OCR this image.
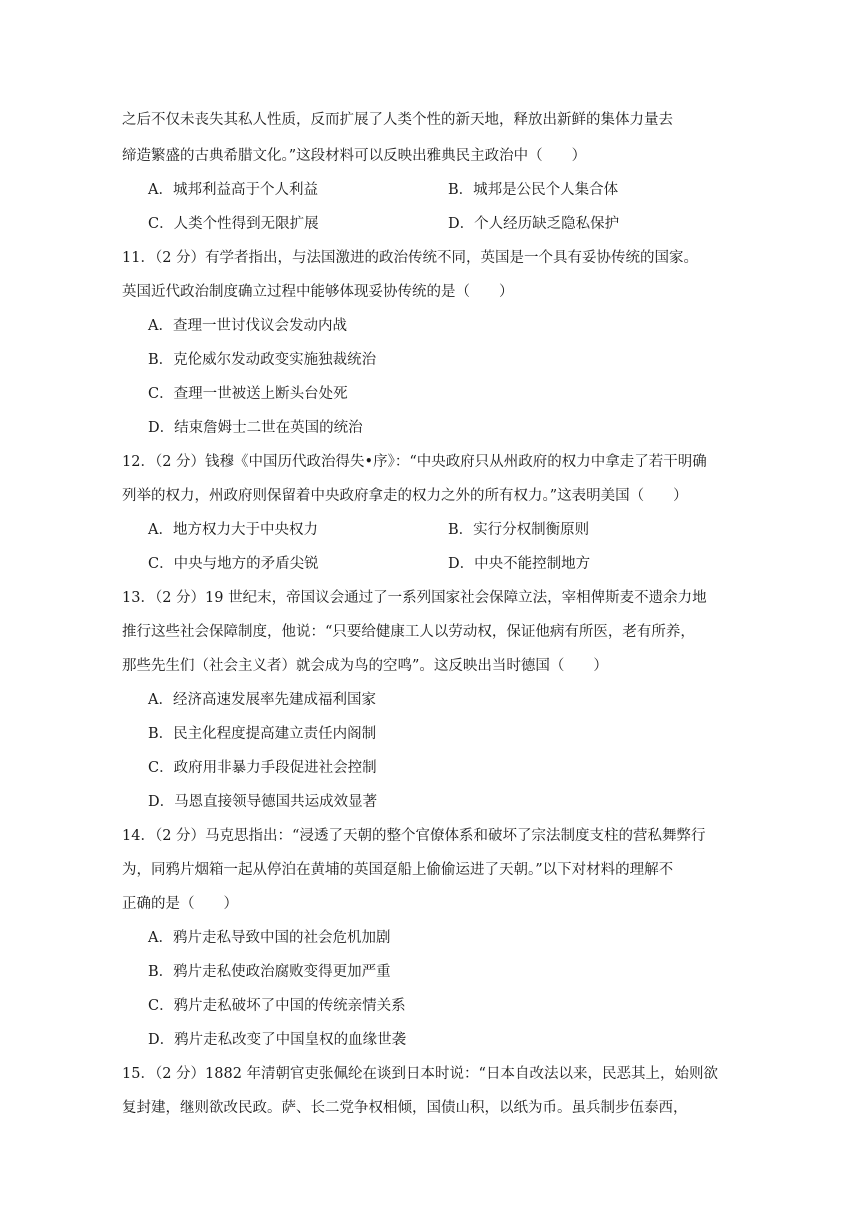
之后不仅未丧失其私人性质，反而扩展了人类个性的新天地，释放出新鲜的集体力量去
缔造繁盛的古典希腊文化。”这段材料可以反映出雅典民主政治中（　　）
A．城邦利益高于个人利益	B．城邦是公民个人集合体
C．人类个性得到无限扩展	D．个人经历缺乏隐私保护
11．（2 分）有学者指出，与法国激进的政治传统不同，英国是一个具有妥协传统的国家。
英国近代政治制度确立过程中能够体现妥协传统的是（　　）
A．查理一世讨伐议会发动内战
B．克伦威尔发动政变实施独裁统治
C．查理一世被送上断头台处死
D．结束詹姆士二世在英国的统治
12．（2 分）钱穆《中国历代政治得失•序》：“中央政府只从州政府的权力中拿走了若干明确
列举的权力，州政府则保留着中央政府拿走的权力之外的所有权力。”这表明美国（　　）
A．地方权力大于中央权力	B．实行分权制衡原则
C．中央与地方的矛盾尖锐	D．中央不能控制地方
13．（2 分）19 世纪末，帝国议会通过了一系列国家社会保障立法，宰相俾斯麦不遗余力地
推行这些社会保障制度，他说：“只要给健康工人以劳动权，保证他病有所医，老有所养，
那些先生们（社会主义者）就会成为鸟的空鸣”。这反映出当时德国（　　）
A．经济高速发展率先建成福利国家
B．民主化程度提高建立责任内阁制
C．政府用非暴力手段促进社会控制
D．马恩直接领导德国共运成效显著
14．（2 分）马克思指出：“浸透了天朝的整个官僚体系和破坏了宗法制度支柱的营私舞弊行
为，同鸦片烟箱一起从停泊在黄埔的英国趸船上偷偷运进了天朝。”以下对材料的理解不
正确的是（　　）
A．鸦片走私导致中国的社会危机加剧
B．鸦片走私使政治腐败变得更加严重
C．鸦片走私破坏了中国的传统亲情关系
D．鸦片走私改变了中国皇权的血缘世袭
15．（2 分）1882 年清朝官吏张佩纶在谈到日本时说：“日本自改法以来，民恶其上，始则欲
复封建，继则欲改民政。萨、长二党争权相倾，国债山积，以纸为币。虽兵制步伍泰西，
